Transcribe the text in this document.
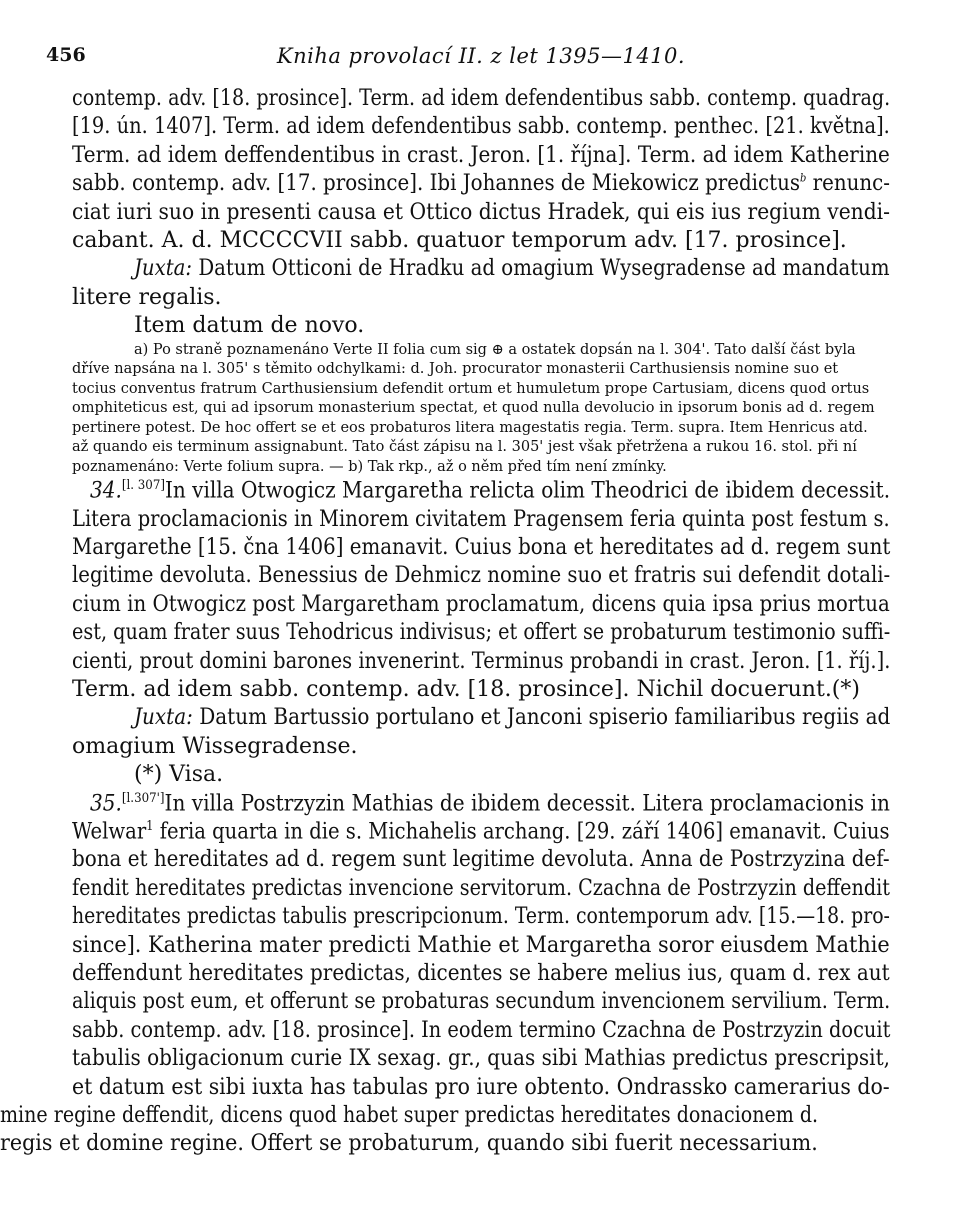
456	Kniha provolací II. z let 1395—1410.
contemp. adv. [18. prosince]. Term. ad idem defendentibus sabb. contemp. quadrag.
[19. ún. 1407]. Term. ad idem defendentibus sabb. contemp. penthec. [21. května].
Term. ad idem deffendentibus in crast. Jeron. [1. října]. Term. ad idem Katherine
sabb. contemp. adv. [17. prosince]. Ibi Johannes de Miekowicz predictus$^b$ renunc-
ciat iuri suo in presenti causa et Ottico dictus Hradek, qui eis ius regium vendi-
cabant. A. d. MCCCCVII sabb. quatuor temporum adv. [17. prosince].
Juxta: Datum Otticoni de Hradku ad omagium Wysegradense ad mandatum
litere regalis.
Item datum de novo.
a) Po straně poznamenáno Verte II folia cum sig ⊕ a ostatek dopsán na l. 304'. Tato další část byla
dříve napsána na l. 305' s těmito odchylkami: d. Joh. procurator monasterii Carthusiensis nomine suo et
tocius conventus fratrum Carthusiensium defendit ortum et humuletum prope Cartusiam, dicens quod ortus
omphiteticus est, qui ad ipsorum monasterium spectat, et quod nulla devolucio in ipsorum bonis ad d. regem
pertinere potest. De hoc offert se et eos probaturos litera magestatis regia. Term. supra. Item Henricus atd.
až quando eis terminum assignabunt. Tato část zápisu na l. 305' jest však přetržena a rukou 16. stol. při ní
poznamenáno: Verte folium supra. — b) Tak rkp., až o něm před tím není zmínky.
34.[l. 307]In villa Otwogicz Margaretha relicta olim Theodrici de ibidem decessit.
Litera proclamacionis in Minorem civitatem Pragensem feria quinta post festum s.
Margarethe [15. čna 1406] emanavit. Cuius bona et hereditates ad d. regem sunt
legitime devoluta. Benessius de Dehmicz nomine suo et fratris sui defendit dotali-
cium in Otwogicz post Margaretham proclamatum, dicens quia ipsa prius mortua
est, quam frater suus Tehodricus indivisus; et offert se probaturum testimonio suffi-
cienti, prout domini barones invenerint. Terminus probandi in crast. Jeron. [1. říj.].
Term. ad idem sabb. contemp. adv. [18. prosince]. Nichil docuerunt.(*)
Juxta: Datum Bartussio portulano et Janconi spiserio familiaribus regiis ad
omagium Wissegradense.
(*) Visa.
35.[l.307']In villa Postrzyzin Mathias de ibidem decessit. Litera proclamacionis in
Welwar$^1$ feria quarta in die s. Michahelis archang. [29. září 1406] emanavit. Cuius
bona et hereditates ad d. regem sunt legitime devoluta. Anna de Postrzyzina def-
fendit hereditates predictas invencione servitorum. Czachna de Postrzyzin deffendit
hereditates predictas tabulis prescripcionum. Term. contemporum adv. [15.—18. pro-
since]. Katherina mater predicti Mathie et Margaretha soror eiusdem Mathie
deffendunt hereditates predictas, dicentes se habere melius ius, quam d. rex aut
aliquis post eum, et offerunt se probaturas secundum invencionem servilium. Term.
sabb. contemp. adv. [18. prosince]. In eodem termino Czachna de Postrzyzin docuit
tabulis obligacionum curie IX sexag. gr., quas sibi Mathias predictus prescripsit,
et datum est sibi iuxta has tabulas pro iure obtento. Ondrassko camerarius do-
mine regine deffendit, dicens quod habet super predictas hereditates donacionem d.
regis et domine regine. Offert se probaturum, quando sibi fuerit necessarium.
